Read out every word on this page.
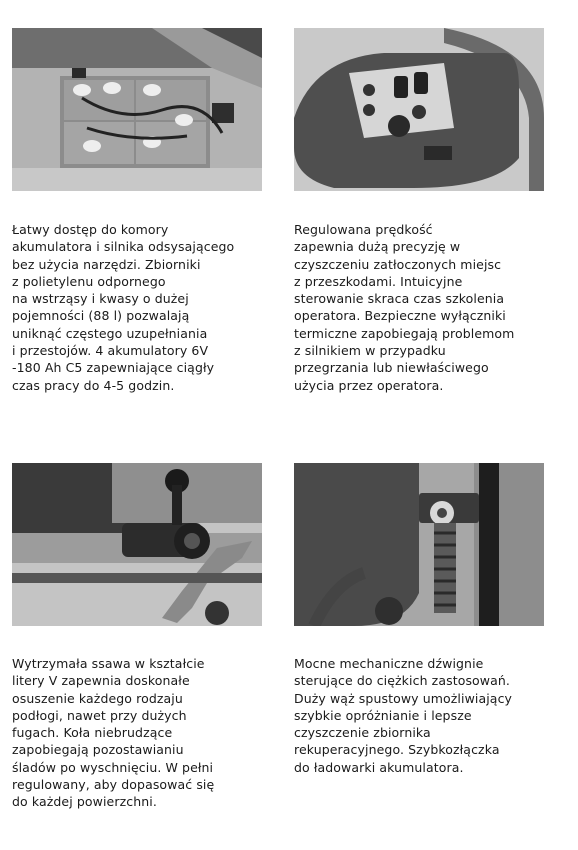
Łatwy dostęp do komory
akumulatora i silnika odsysającego
bez użycia narzędzi. Zbiorniki
z polietylenu odpornego
na wstrząsy i kwasy o dużej
pojemności (88 l) pozwalają
uniknąć częstego uzupełniania
i przestojów. 4 akumulatory 6V
-180 Ah C5 zapewniające ciągły
czas pracy do 4-5 godzin.
Regulowana prędkość
zapewnia dużą precyzję w
czyszczeniu zatłoczonych miejsc
z przeszkodami. Intuicyjne
sterowanie skraca czas szkolenia
operatora. Bezpieczne wyłączniki
termiczne zapobiegają problemom
z silnikiem w przypadku
przegrzania lub niewłaściwego
użycia przez operatora.
Wytrzymała ssawa w kształcie
litery V zapewnia doskonałe
osuszenie każdego rodzaju
podłogi, nawet przy dużych
fugach. Koła niebrudzące
zapobiegają pozostawianiu
śladów po wyschnięciu. W pełni
regulowany, aby dopasować się
do każdej powierzchni.
Mocne mechaniczne dźwignie
sterujące do ciężkich zastosowań.
Duży wąż spustowy umożliwiający
szybkie opróżnianie i lepsze
czyszczenie zbiornika
rekuperacyjnego. Szybkozłączka
do ładowarki akumulatora.
